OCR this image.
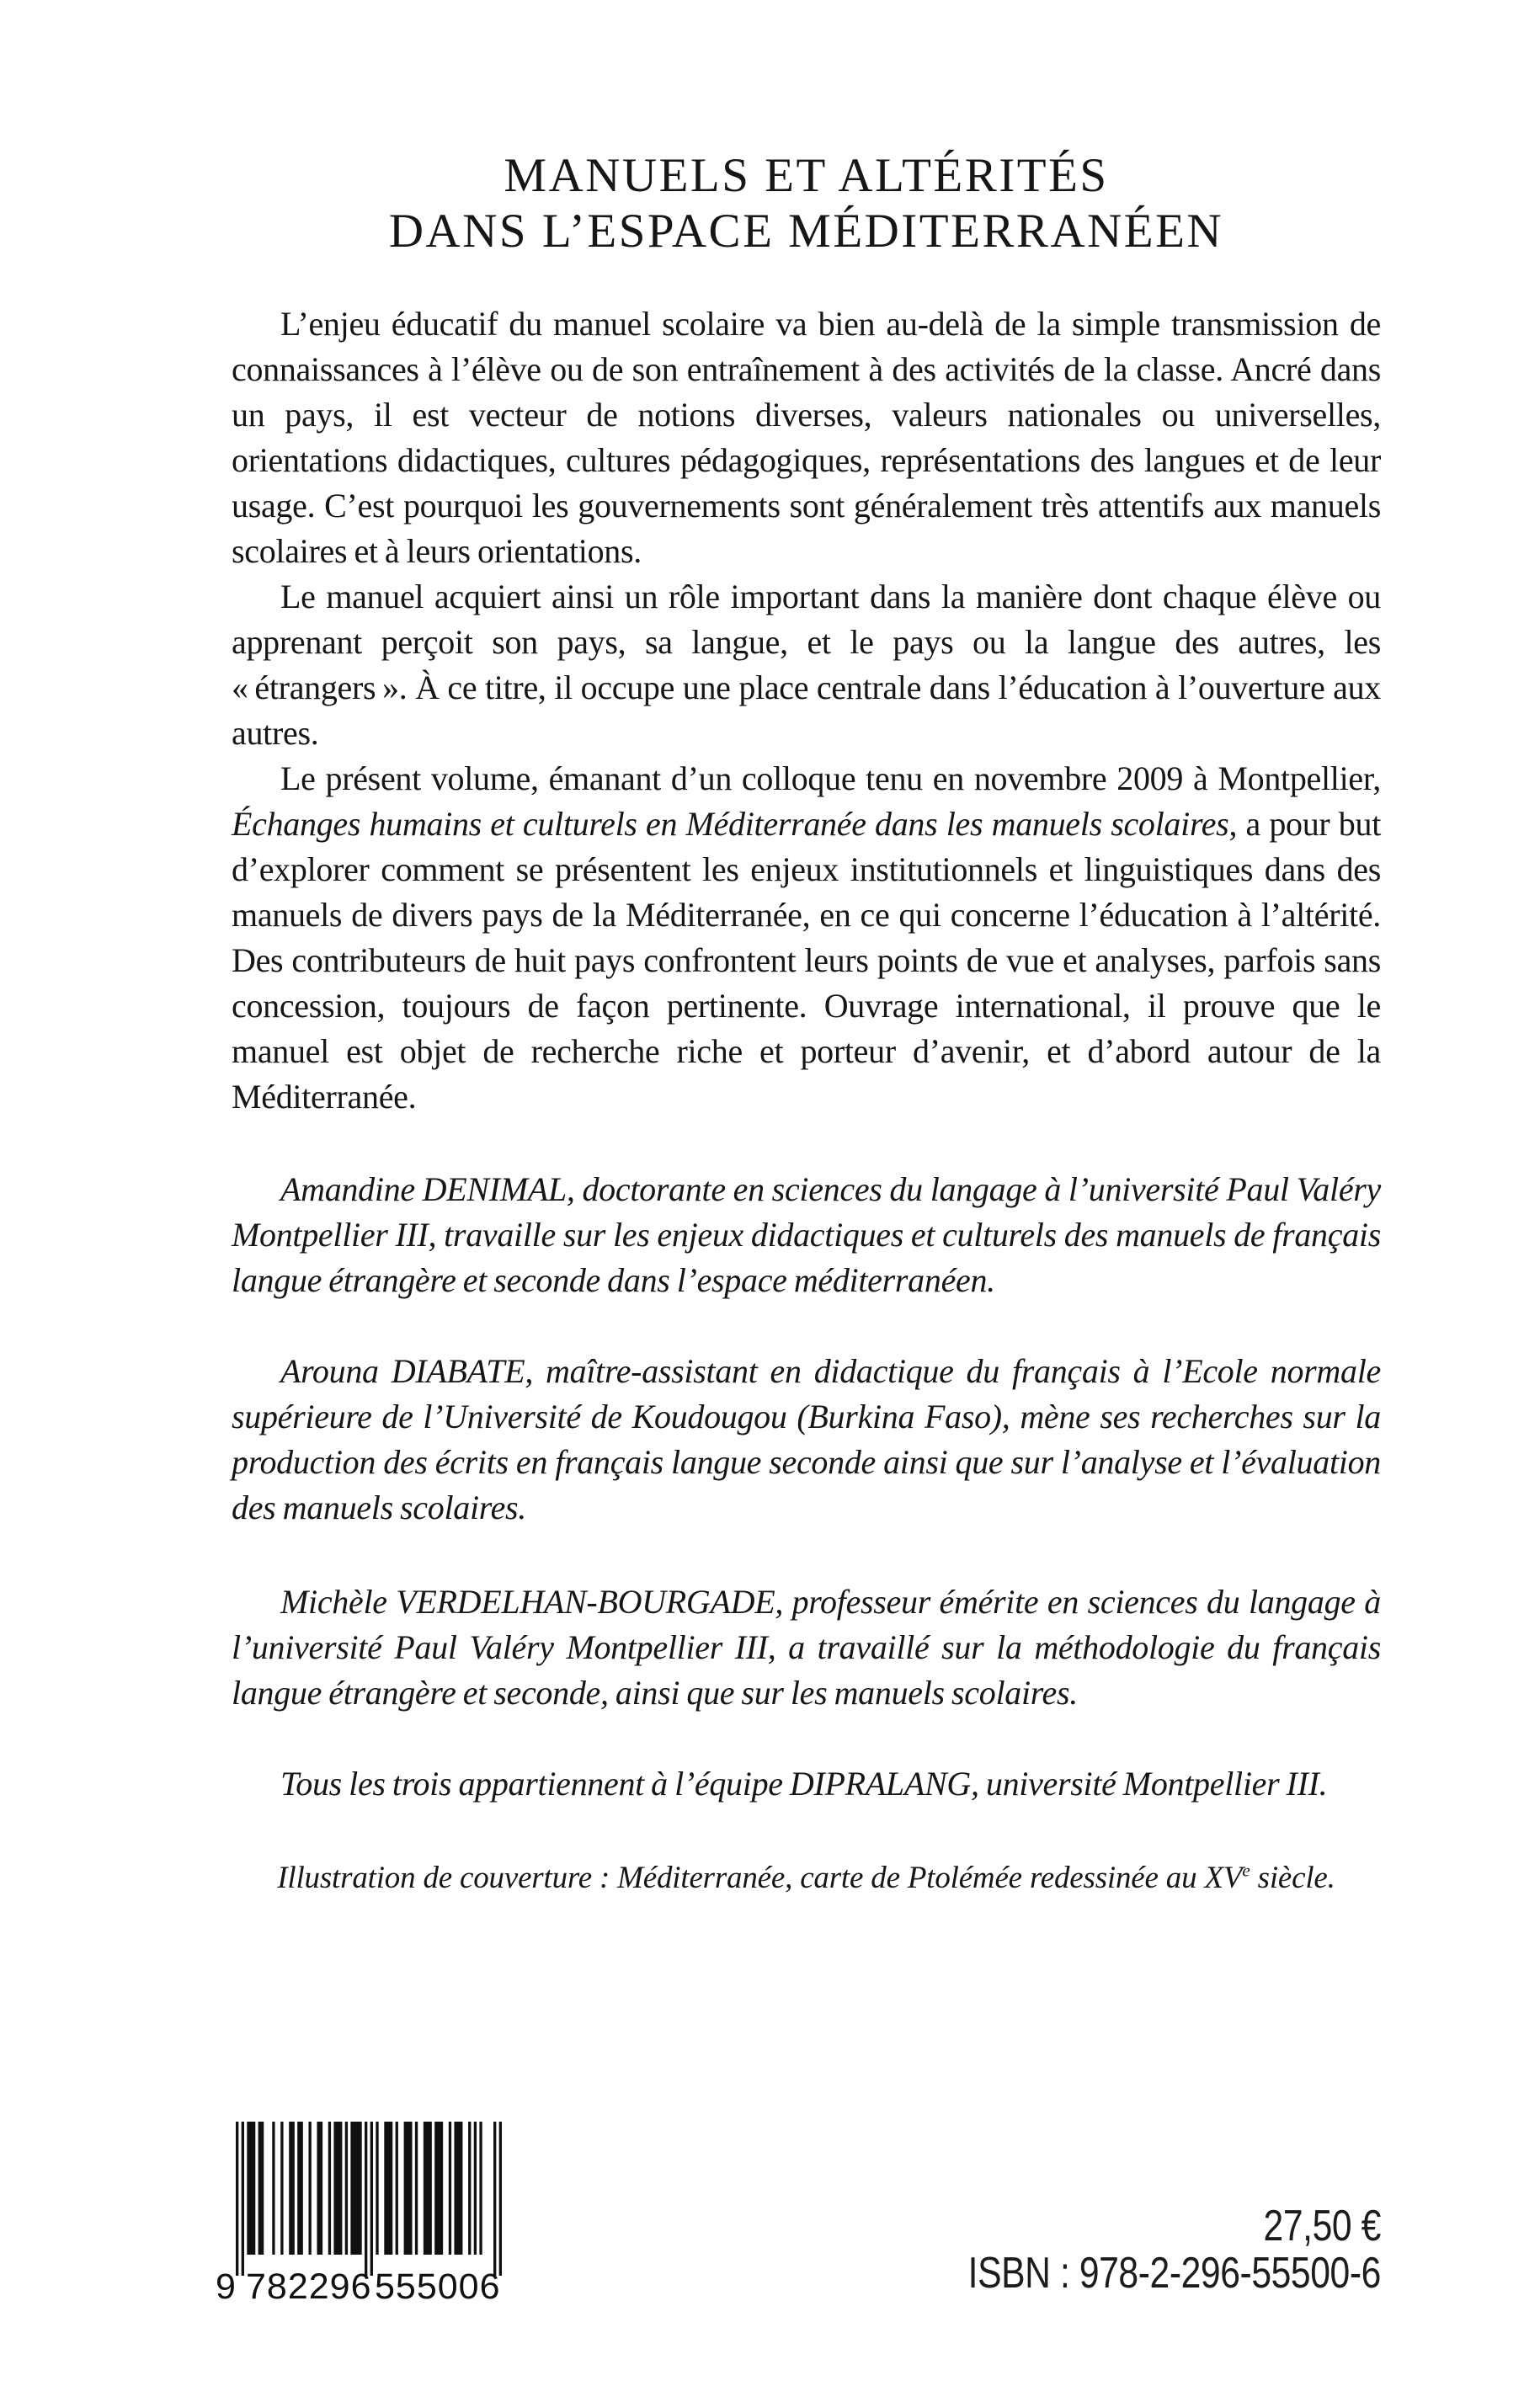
MANUELS ET ALTÉRITÉS
DANS L’ESPACE MÉDITERRANÉEN

L’enjeu éducatif du manuel scolaire va bien au-delà de la simple transmission de connaissances à l’élève ou de son entraînement à des activités de la classe. Ancré dans un pays, il est vecteur de notions diverses, valeurs nationales ou universelles, orientations didactiques, cultures pédagogiques, représentations des langues et de leur usage. C’est pourquoi les gouvernements sont généralement très attentifs aux manuels scolaires et à leurs orientations.

Le manuel acquiert ainsi un rôle important dans la manière dont chaque élève ou apprenant perçoit son pays, sa langue, et le pays ou la langue des autres, les « étrangers ». À ce titre, il occupe une place centrale dans l’éducation à l’ouverture aux autres.

Le présent volume, émanant d’un colloque tenu en novembre 2009 à Montpellier, Échanges humains et culturels en Méditerranée dans les manuels scolaires, a pour but d’explorer comment se présentent les enjeux institutionnels et linguistiques dans des manuels de divers pays de la Méditerranée, en ce qui concerne l’éducation à l’altérité. Des contributeurs de huit pays confrontent leurs points de vue et analyses, parfois sans concession, toujours de façon pertinente. Ouvrage international, il prouve que le manuel est objet de recherche riche et porteur d’avenir, et d’abord autour de la Méditerranée.

Amandine DENIMAL, doctorante en sciences du langage à l’université Paul Valéry Montpellier III, travaille sur les enjeux didactiques et culturels des manuels de français langue étrangère et seconde dans l’espace méditerranéen.

Arouna DIABATE, maître-assistant en didactique du français à l’Ecole normale supérieure de l’Université de Koudougou (Burkina Faso), mène ses recherches sur la production des écrits en français langue seconde ainsi que sur l’analyse et l’évaluation des manuels scolaires.

Michèle VERDELHAN-BOURGADE, professeur émérite en sciences du langage à l’université Paul Valéry Montpellier III, a travaillé sur la méthodologie du français langue étrangère et seconde, ainsi que sur les manuels scolaires.

Tous les trois appartiennent à l’équipe DIPRALANG, université Montpellier III.

Illustration de couverture : Méditerranée, carte de Ptolémée redessinée au XVe siècle.

9 782296 555006
27,50 €
ISBN : 978-2-296-55500-6
